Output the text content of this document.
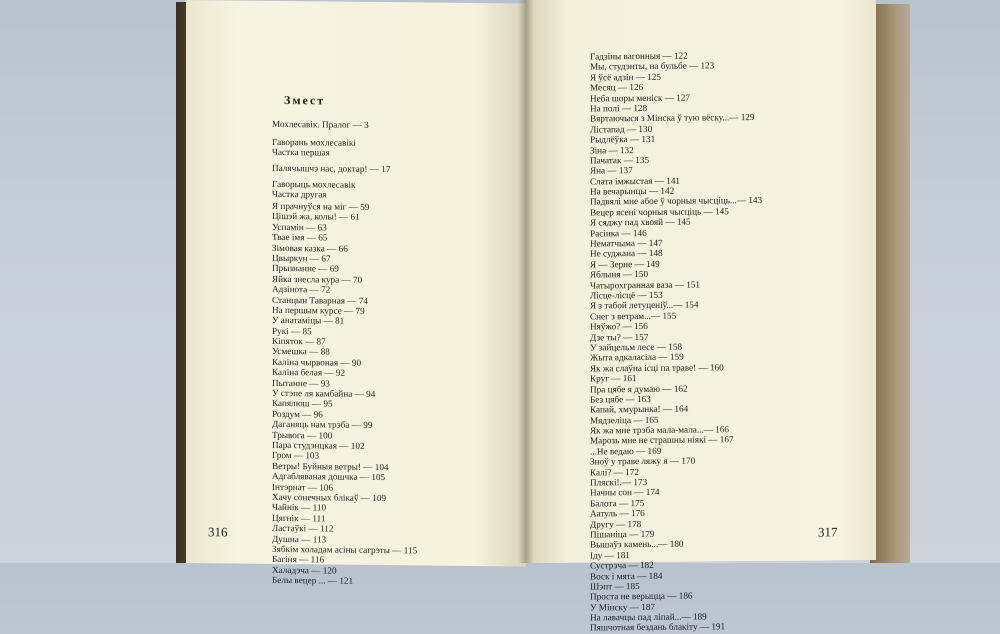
Змест
Мохлесавік. Пралог — 3
Гаворань мохлесавікі
Частка першая
Палячышчэ нас, доктар! — 17
Гаворыць мохлесавік
Частка другая
Я прачнуўся на міг — 59
Цішэй жа, колы! — 61
Успамін — 63
Твае імя — 65
Зімовая казка — 66
Цвыркун — 67
Прызнанне — 69
Яйка знесла кура — 70
Адзінота — 72
Станцын Таварная — 74
На першым курсе — 79
У анатаміцы — 81
Рукі — 85
Кіпяток — 87
Усмешка — 88
Каліна чырвоная — 90
Каліна белая — 92
Пытанне — 93
У стэпе ля камбайна — 94
Капялюш — 95
Роздум — 96
Даганяць нам трэба — 99
Трывога — 100
Пара студэнцкая — 102
Гром — 103
Ветры! Буйныя ветры! — 104
Адгабляваная дошчка — 105
Інтэрнат — 106
Хачу сонечных блікаў — 109
Чайнік — 110
Цягнік — 111
Ластаўкі — 112
Душна — 113
Зябкім холадам асіны сагрэты — 115
Багіня — 116
Халадэча — 120
Белы вецер ... — 121
316
Гадзіны вагонныя — 122
Мы, студэнты, на бульбе — 123
Я ўсё адзін — 125
Месяц — 126
Неба шоры меніск — 127
На полі — 128
Вяртаючыся з Мінска ў тую вёску...— 129
Лістапад — 130
Рыдлёўка — 131
Зіна — 132
Пачатак — 135
Яна — 137
Слата імжыстая — 141
На вечарынцы — 142
Падвялі мне абое ў чорныя чысціць...— 143
Вецер ясені чорныя чысціць — 145
Я сяджу пад хвояй — 145
Расінка — 146
Нематчыма — 147
Не суджана — 148
Я — Зерне — 149
Яблыня — 150
Чатырохгранная ваза — 151
Лісце-лісцё — 153
Я з табой летуценіў...— 154
Снег з ветрам...— 155
Няўжо? — 156
Дзе ты? — 157
У зайцельм лесе — 158
Жыта адкаласіла — 159
Як жа слаўна ісці па траве! — 160
Круг — 161
Пра цябе я думаю — 162
Без цябе — 163
Капай, хмурынка! — 164
Мядзеліца — 165
Як жа мне трэба мала-мала...— 166
Марозь мне не страшны ніякі — 167
...Не ведаю — 169
Зноў у траве ляжу я — 170
Калі? — 172
Пляскі!.— 173
Начны сон — 174
Балота — 175
Аатуль — 176
Другу — 178
Пішаніца — 179
Вышаўз камень...— 180
Іду — 181
Сустрэча — 182
Воск і мята — 184
Шэпт — 185
Проста не верыцца — 186
У Мінску — 187
На лавачцы пад ліпай...— 189
Пяшчотная бездань блакіту — 191
317
